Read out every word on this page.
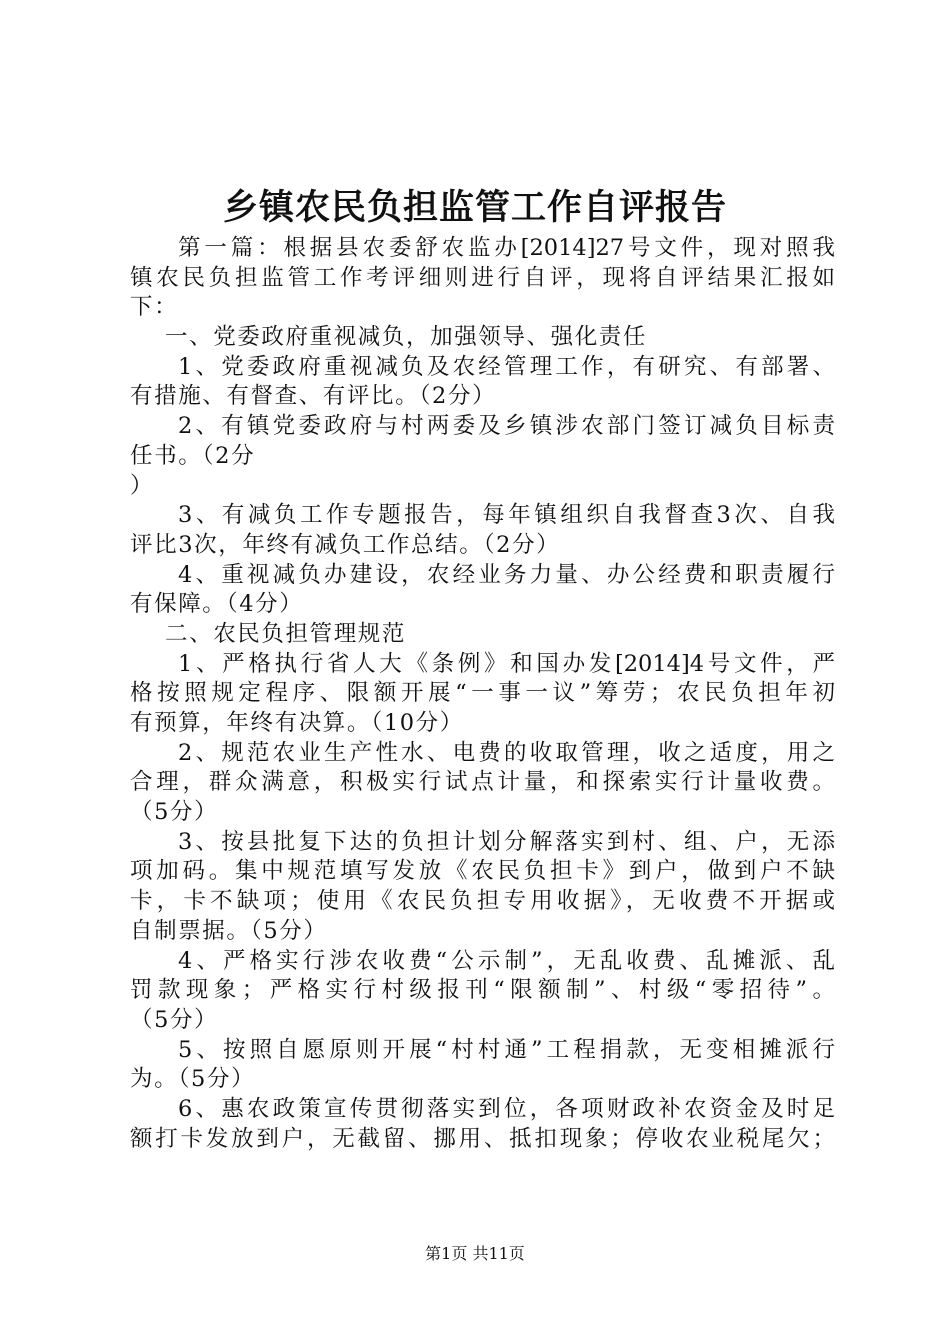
乡镇农民负担监管工作自评报告
第一篇：根据县农委舒农监办[2014]27号文件，现对照我
镇农民负担监管工作考评细则进行自评，现将自评结果汇报如
下：
一、党委政府重视减负，加强领导、强化责任
1、党委政府重视减负及农经管理工作，有研究、有部署、
有措施、有督查、有评比。（2分）
2、有镇党委政府与村两委及乡镇涉农部门签订减负目标责
任书。（2分
）
3、有减负工作专题报告，每年镇组织自我督查3次、自我
评比3次，年终有减负工作总结。（2分）
4、重视减负办建设，农经业务力量、办公经费和职责履行
有保障。（4分）
二、农民负担管理规范
1、严格执行省人大《条例》和国办发[2014]4号文件，严
格按照规定程序、限额开展“一事一议”筹劳；农民负担年初
有预算，年终有决算。（10分）
2、规范农业生产性水、电费的收取管理，收之适度，用之
合理，群众满意，积极实行试点计量，和探索实行计量收费。
（5分）
3、按县批复下达的负担计划分解落实到村、组、户，无添
项加码。集中规范填写发放《农民负担卡》到户，做到户不缺
卡，卡不缺项；使用《农民负担专用收据》，无收费不开据或
自制票据。（5分）
4、严格实行涉农收费“公示制”，无乱收费、乱摊派、乱
罚款现象；严格实行村级报刊“限额制”、村级“零招待”。
（5分）
5、按照自愿原则开展“村村通”工程捐款，无变相摊派行
为。（5分）
6、惠农政策宣传贯彻落实到位，各项财政补农资金及时足
额打卡发放到户，无截留、挪用、抵扣现象；停收农业税尾欠；
第1页 共11页
